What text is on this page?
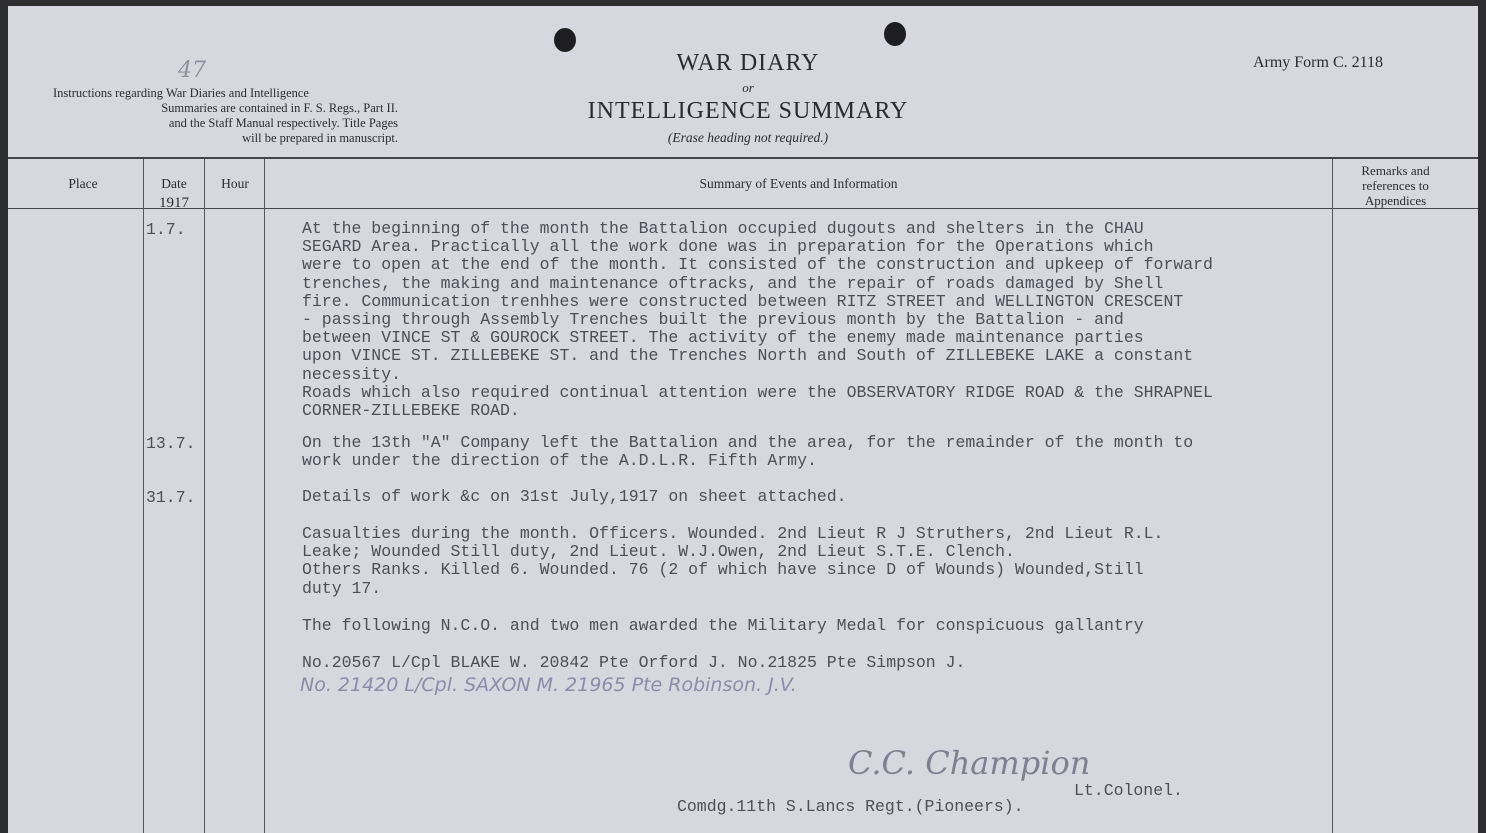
47
Instructions regarding War Diaries and Intelligence
Summaries are contained in F. S. Regs., Part II.
and the Staff Manual respectively. Title Pages
will be prepared in manuscript.
WAR DIARY
or
INTELLIGENCE SUMMARY
(Erase heading not required.)
Army Form C. 2118
Place	Date
1917
Hour	Summary of Events and Information
Remarks and
references to
Appendices
1.7.
13.7.
31.7.
At the beginning of the month the Battalion occupied dugouts and shelters in the CHAU
SEGARD Area. Practically all the work done was in preparation for the Operations which
were to open at the end of the month. It consisted of the construction and upkeep of forward
trenches, the making and maintenance oftracks, and the repair of roads damaged by Shell
fire. Communication trenhhes were constructed between RITZ STREET and WELLINGTON CRESCENT
- passing through Assembly Trenches built the previous month by the Battalion - and
between VINCE ST & GOUROCK STREET. The activity of the enemy made maintenance parties
upon VINCE ST. ZILLEBEKE ST. and the Trenches North and South of ZILLEBEKE LAKE a constant
necessity.
Roads which also required continual attention were the OBSERVATORY RIDGE ROAD & the SHRAPNEL
CORNER-ZILLEBEKE ROAD.
On the 13th "A" Company left the Battalion and the area, for the remainder of the month to
work under the direction of the A.D.L.R. Fifth Army.
Details of work &c on 31st July,1917 on sheet attached.
Casualties during the month. Officers. Wounded. 2nd Lieut R J Struthers, 2nd Lieut R.L.
Leake; Wounded Still duty, 2nd Lieut. W.J.Owen, 2nd Lieut S.T.E. Clench.
Others Ranks. Killed 6. Wounded. 76 (2 of which have since D of Wounds) Wounded,Still
duty 17.
The following N.C.O. and two men awarded the Military Medal for conspicuous gallantry
No.20567 L/Cpl BLAKE W. 20842 Pte Orford J. No.21825 Pte Simpson J.
No. 21420 L/Cpl. SAXON M. 21965 Pte Robinson. J.V.
C.C. Champion
Lt.Colonel.
Comdg.11th S.Lancs Regt.(Pioneers).
